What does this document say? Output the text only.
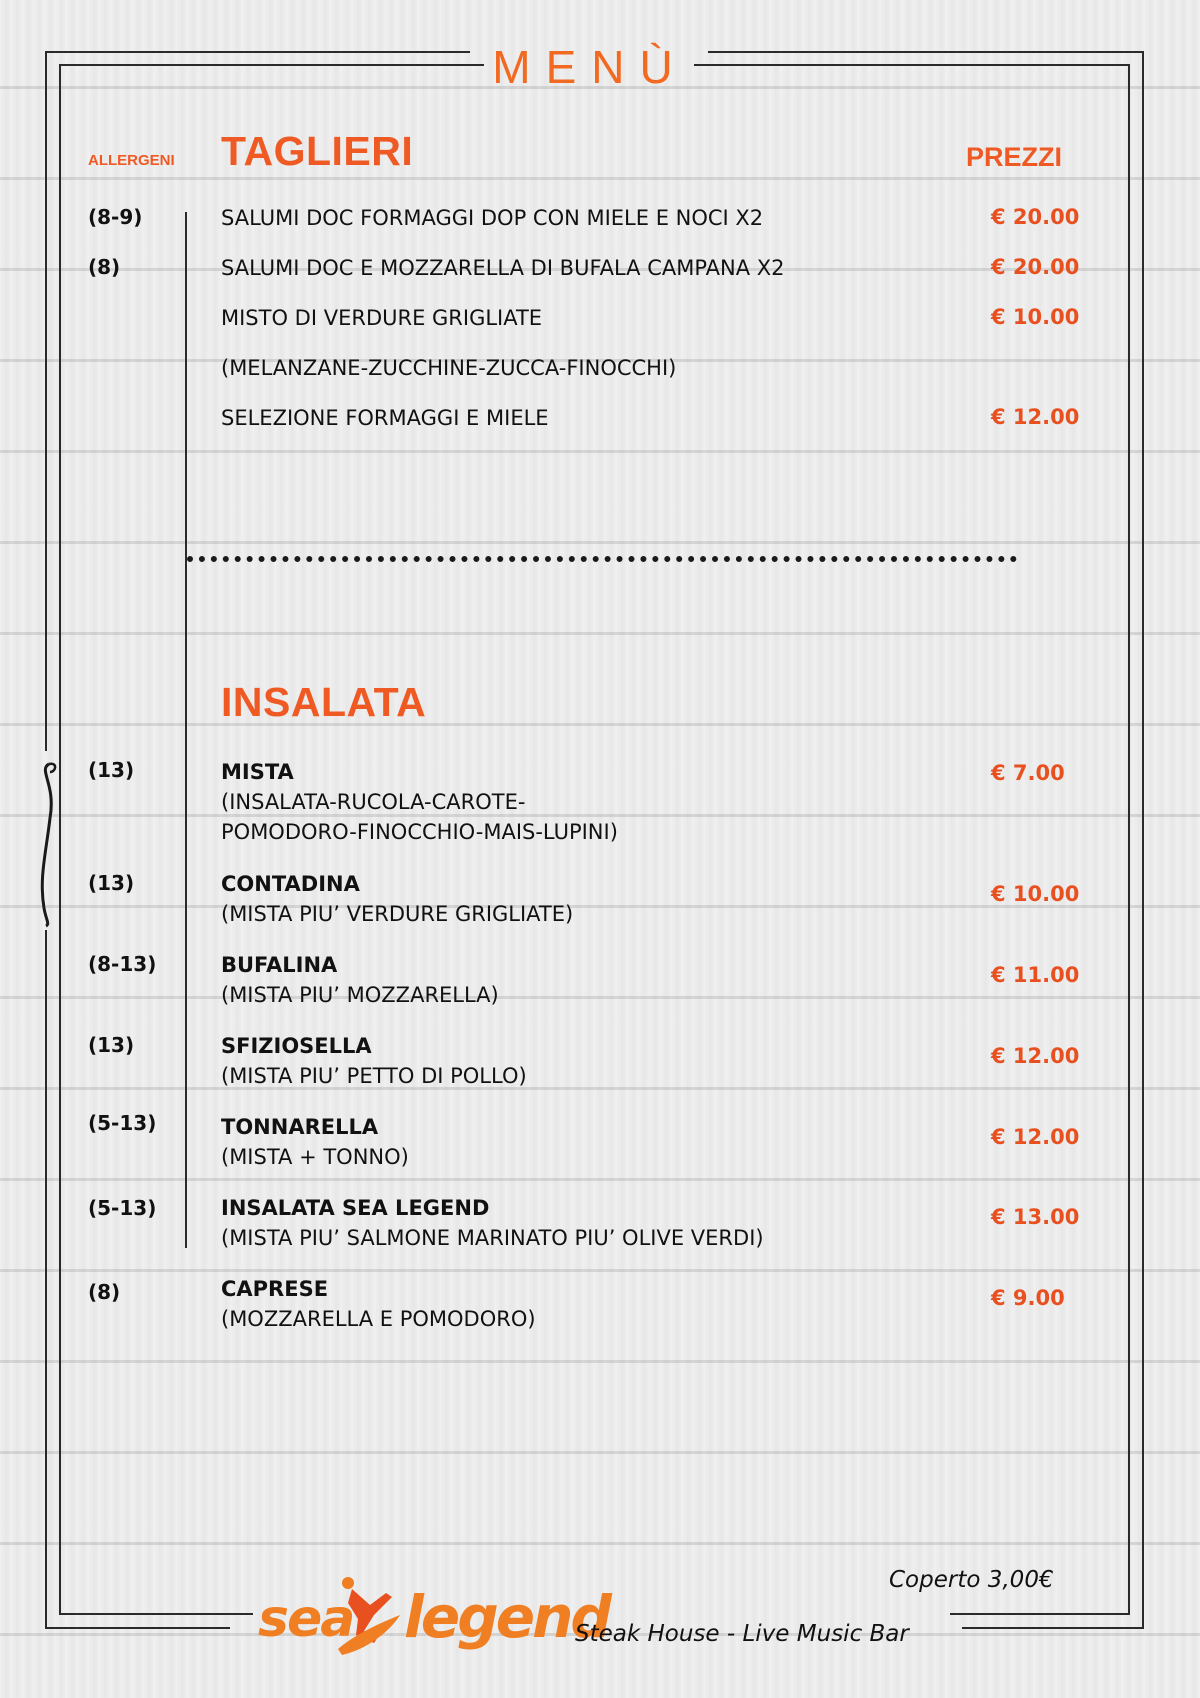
MENÙ
ALLERGENI	PREZZI
TAGLIERI
(8-9)	SALUMI DOC FORMAGGI DOP CON MIELE E NOCI X2	€ 20.00
(8)	SALUMI DOC E MOZZARELLA DI BUFALA CAMPANA X2	€ 20.00
MISTO DI VERDURE GRIGLIATE	€ 10.00
(MELANZANE-ZUCCHINE-ZUCCA-FINOCCHI)
SELEZIONE FORMAGGI E MIELE	€ 12.00
INSALATA
(13)	MISTA
(INSALATA-RUCOLA-CAROTE-
POMODORO-FINOCCHIO-MAIS-LUPINI)
€ 7.00
(13)	CONTADINA
(MISTA PIU’ VERDURE GRIGLIATE)
€ 10.00
(8-13)	BUFALINA
(MISTA PIU’ MOZZARELLA)
€ 11.00
(13)	SFIZIOSELLA
(MISTA PIU’ PETTO DI POLLO)
€ 12.00
(5-13)	TONNARELLA
(MISTA + TONNO)
€ 12.00
(5-13)	INSALATA SEA LEGEND
(MISTA PIU’ SALMONE MARINATO PIU’ OLIVE VERDI)
€ 13.00
(8)	CAPRESE
(MOZZARELLA E POMODORO)
€ 9.00
Coperto 3,00€
sea legend
Steak House - Live Music Bar
